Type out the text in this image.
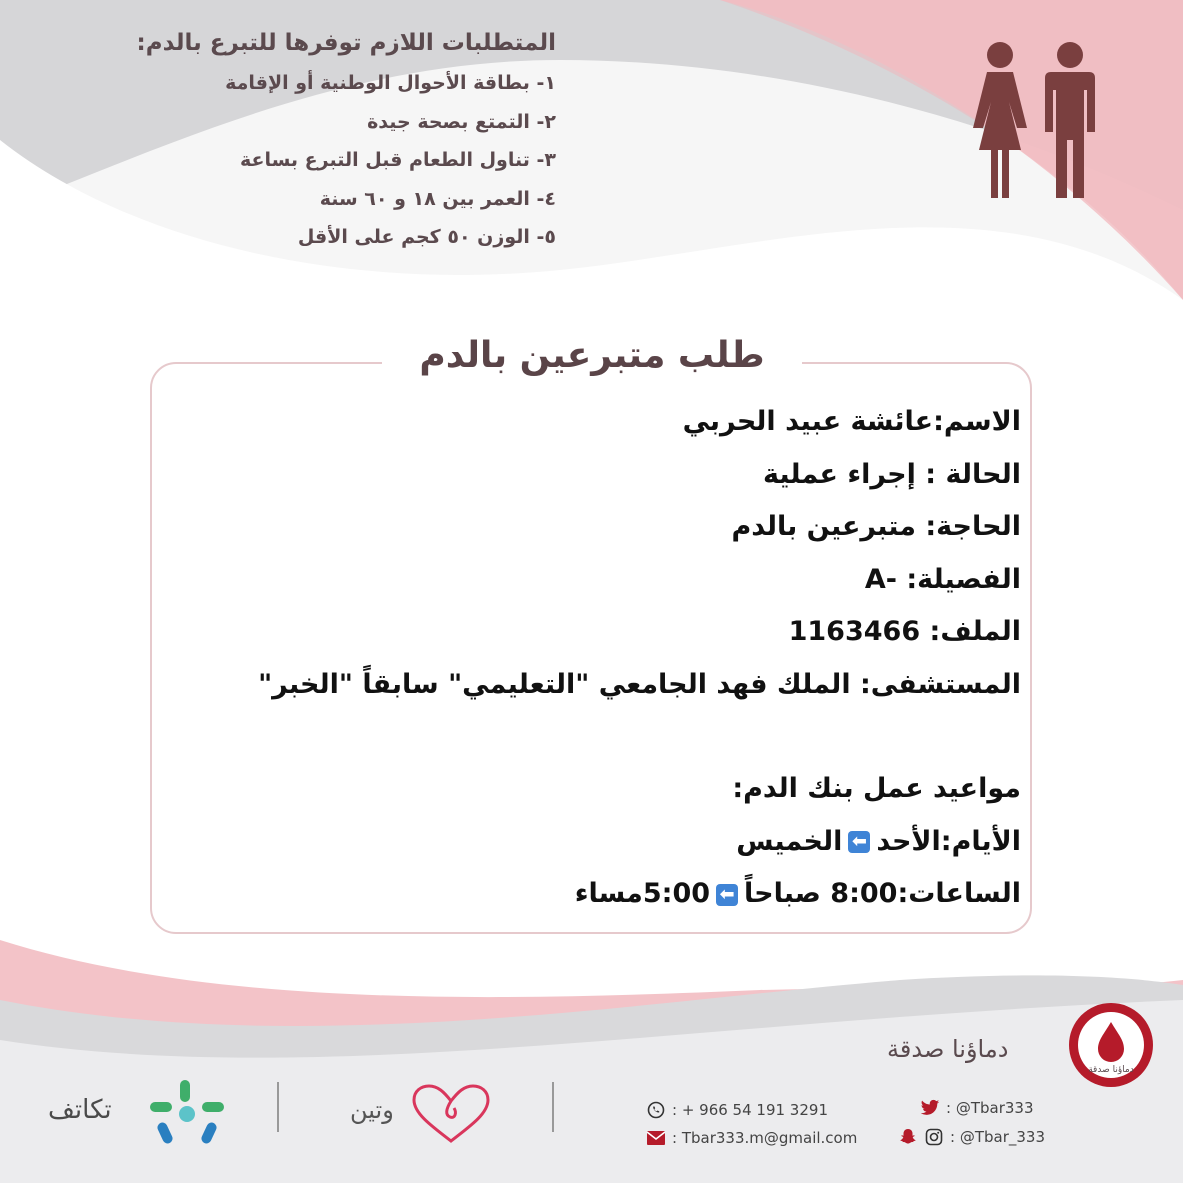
المتطلبات اللازم توفرها للتبرع بالدم:
١- بطاقة الأحوال الوطنية أو الإقامة
٢- التمتع بصحة جيدة
٣- تناول الطعام قبل التبرع بساعة
٤- العمر بين ١٨ و ٦٠ سنة
٥- الوزن ٥٠ كجم على الأقل
طلب متبرعين بالدم
الاسم:عائشة عبيد الحربي
الحالة : إجراء عملية
الحاجة: متبرعين بالدم
الفصيلة: -A
الملف: 1163466
المستشفى: الملك فهد الجامعي "التعليمي" سابقاً "الخبر"
مواعيد عمل بنك الدم:
الأيام:الأحد⬅الخميس
الساعات:8:00 صباحاً⬅5:00مساء
دماؤنا صدقة
دماؤنا صدقة
: + 966 54 191 3291
: Tbar333.m@gmail.com
: @Tbar333
: @Tbar_333
وتين
تكاتف
